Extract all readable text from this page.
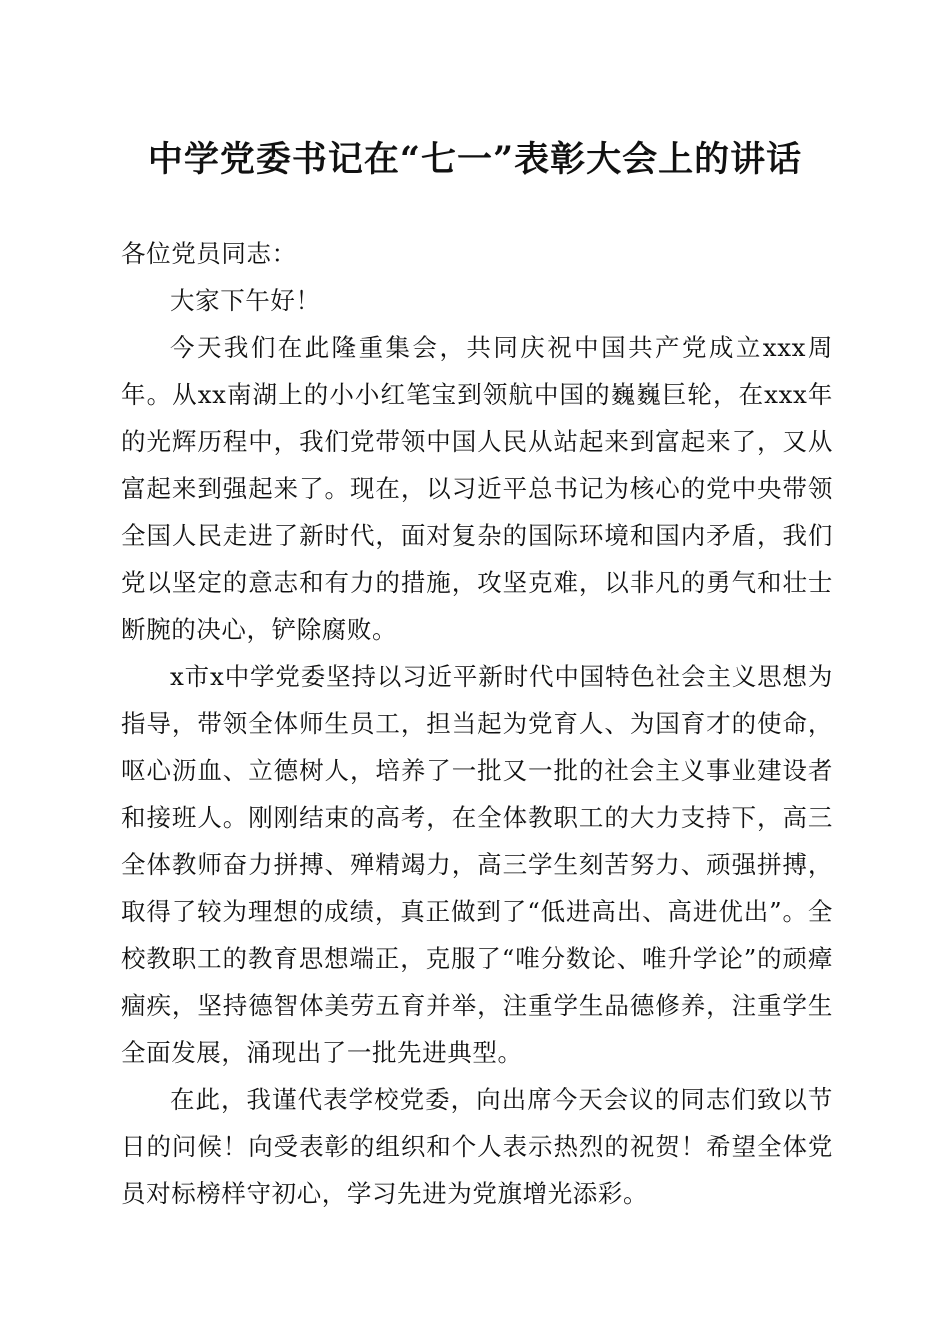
中学党委书记在“七一”表彰大会上的讲话

各位党员同志：

大家下午好！

今天我们在此隆重集会，共同庆祝中国共产党成立xxx周年。从xx南湖上的小小红笔宝到领航中国的巍巍巨轮，在xxx年的光辉历程中，我们党带领中国人民从站起来到富起来了，又从富起来到强起来了。现在，以习近平总书记为核心的党中央带领全国人民走进了新时代，面对复杂的国际环境和国内矛盾，我们党以坚定的意志和有力的措施，攻坚克难，以非凡的勇气和壮士断腕的决心，铲除腐败。

x市x中学党委坚持以习近平新时代中国特色社会主义思想为指导，带领全体师生员工，担当起为党育人、为国育才的使命，呕心沥血、立德树人，培养了一批又一批的社会主义事业建设者和接班人。刚刚结束的高考，在全体教职工的大力支持下，高三全体教师奋力拼搏、殚精竭力，高三学生刻苦努力、顽强拼搏，取得了较为理想的成绩，真正做到了“低进高出、高进优出”。全校教职工的教育思想端正，克服了“唯分数论、唯升学论”的顽瘴痼疾，坚持德智体美劳五育并举，注重学生品德修养，注重学生全面发展，涌现出了一批先进典型。

在此，我谨代表学校党委，向出席今天会议的同志们致以节日的问候！向受表彰的组织和个人表示热烈的祝贺！希望全体党员对标榜样守初心，学习先进为党旗增光添彩。
